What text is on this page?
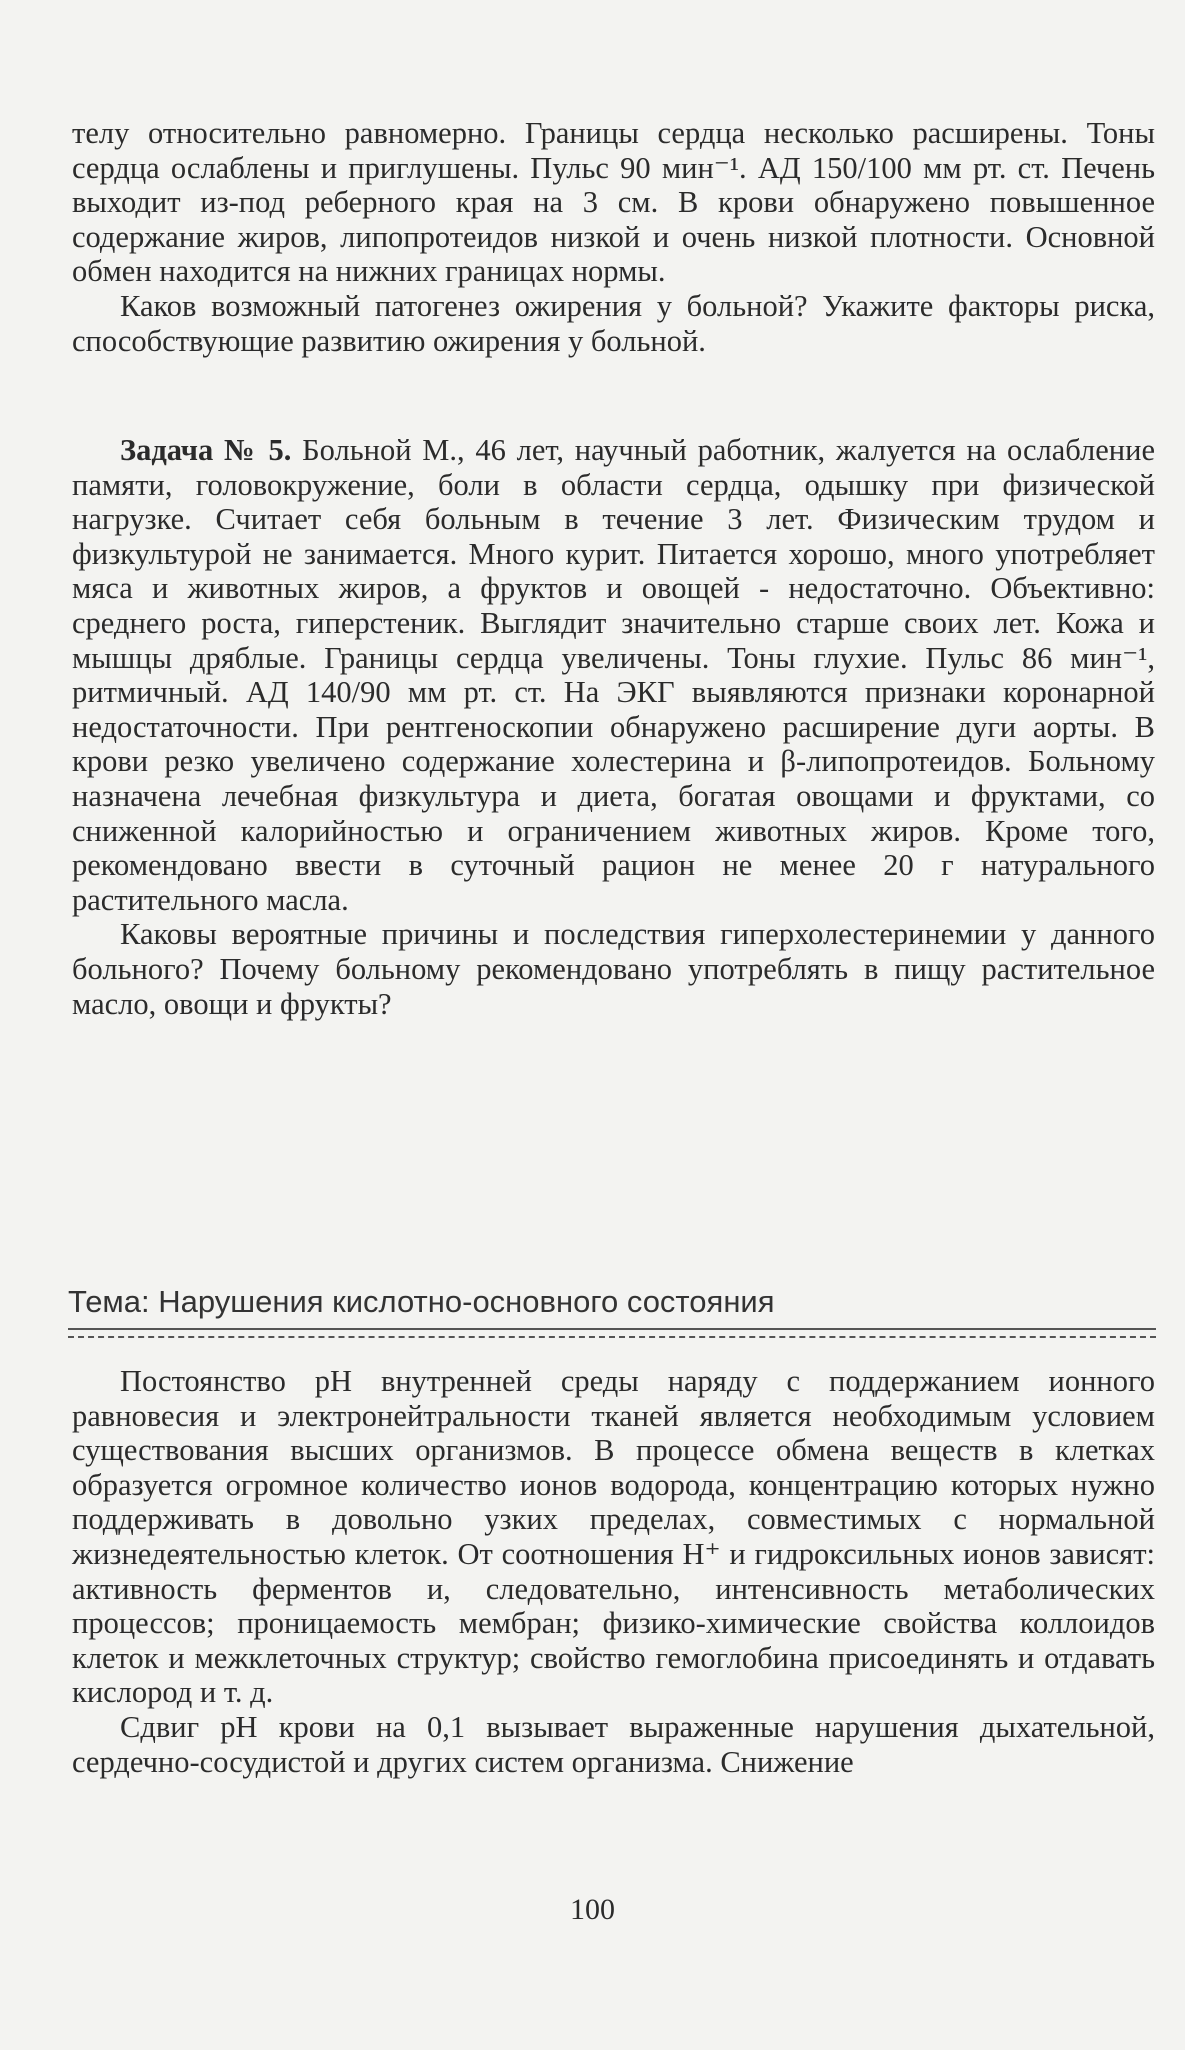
телу относительно равномерно. Границы сердца несколько расширены. Тоны сердца ослаблены и приглушены. Пульс 90 мин⁻¹. АД 150/100 мм рт. ст. Печень выходит из-под реберного края на 3 см. В крови обнаружено повышенное содержание жиров, липопротеидов низкой и очень низкой плотности. Основной обмен находится на нижних границах нормы.

Каков возможный патогенез ожирения у больной? Укажите факторы риска, способствующие развитию ожирения у больной.

Задача № 5. Больной М., 46 лет, научный работник, жалуется на ослабление памяти, головокружение, боли в области сердца, одышку при физической нагрузке. Считает себя больным в течение 3 лет. Физическим трудом и физкультурой не занимается. Много курит. Питается хорошо, много употребляет мяса и животных жиров, а фруктов и овощей - недостаточно. Объективно: среднего роста, гиперстеник. Выглядит значительно старше своих лет. Кожа и мышцы дряблые. Границы сердца увеличены. Тоны глухие. Пульс 86 мин⁻¹, ритмичный. АД 140/90 мм рт. ст. На ЭКГ выявляются признаки коронарной недостаточности. При рентгеноскопии обнаружено расширение дуги аорты. В крови резко увеличено содержание холестерина и β-липопротеидов. Больному назначена лечебная физкультура и диета, богатая овощами и фруктами, со сниженной калорийностью и ограничением животных жиров. Кроме того, рекомендовано ввести в суточный рацион не менее 20 г натурального растительного масла.

Каковы вероятные причины и последствия гиперхолестеринемии у данного больного? Почему больному рекомендовано употреблять в пищу растительное масло, овощи и фрукты?

Тема: Нарушения кислотно-основного состояния

Постоянство pH внутренней среды наряду с поддержанием ионного равновесия и электронейтральности тканей является необходимым условием существования высших организмов. В процессе обмена веществ в клетках образуется огромное количество ионов водорода, концентрацию которых нужно поддерживать в довольно узких пределах, совместимых с нормальной жизнедеятельностью клеток. От соотношения H⁺ и гидроксильных ионов зависят: активность ферментов и, следовательно, интенсивность метаболических процессов; проницаемость мембран; физико-химические свойства коллоидов клеток и межклеточных структур; свойство гемоглобина присоединять и отдавать кислород и т. д.

Сдвиг pH крови на 0,1 вызывает выраженные нарушения дыхательной, сердечно-сосудистой и других систем организма. Снижение

100
